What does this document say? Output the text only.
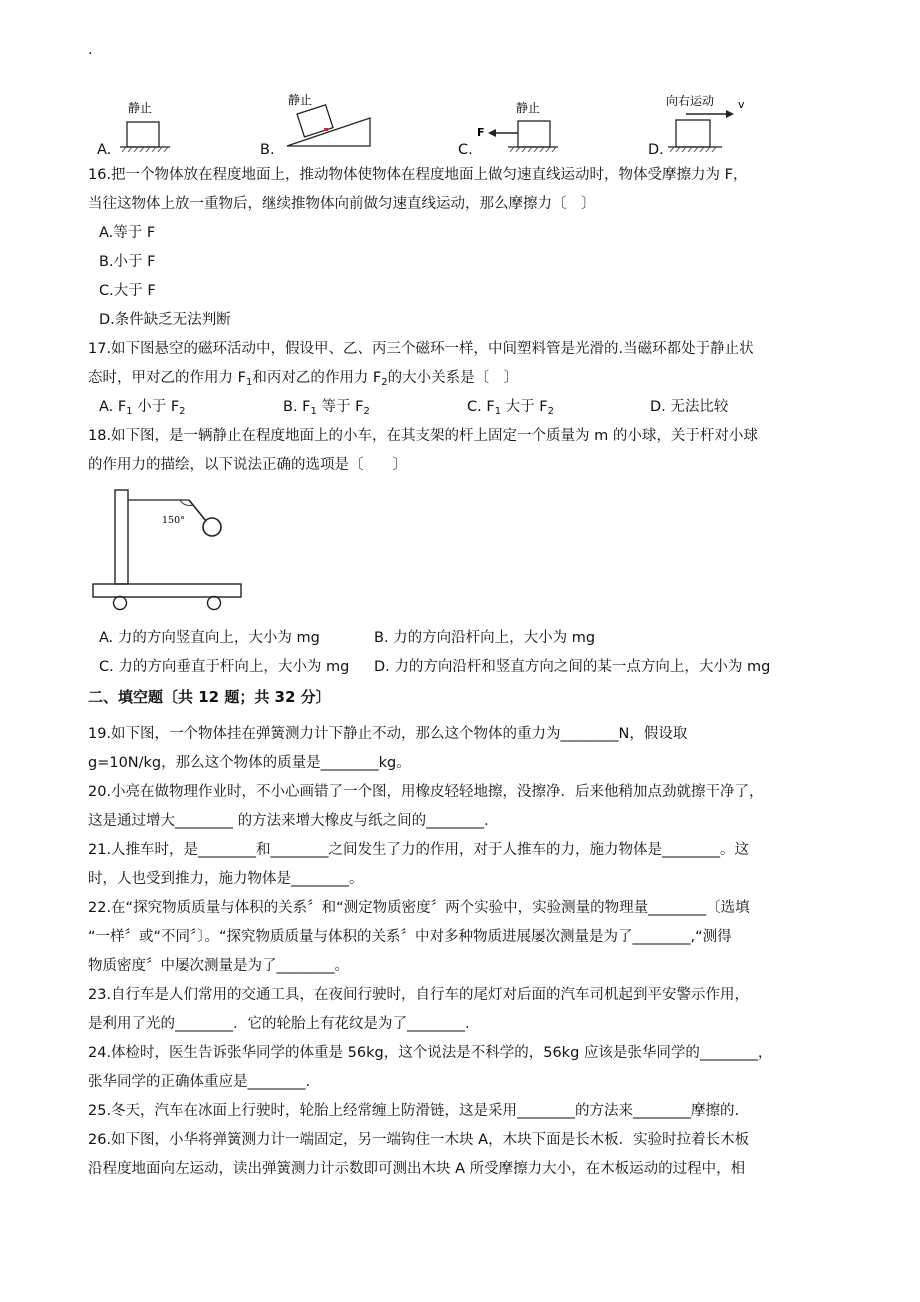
.
A.
静止
B.
静止
C.
静止
F
D.
向右运动 v
16.把一个物体放在程度地面上，推动物体使物体在程度地面上做匀速直线运动时，物体受摩擦力为 F，
当往这物体上放一重物后，继续推物体向前做匀速直线运动，那么摩擦力〔　〕
A.等于 F
B.小于 F
C.大于 F
D.条件缺乏无法判断
17.如下图悬空的磁环活动中，假设甲、乙、丙三个磁环一样，中间塑料管是光滑的.当磁环都处于静止状
态时，甲对乙的作用力 $F_1$和丙对乙的作用力 $F_2$的大小关系是〔　〕
A. $F_1$ 小于 $F_2$	B. $F_1$ 等于 $F_2$	C. $F_1$ 大于 $F_2$	D. 无法比较
18.如下图，是一辆静止在程度地面上的小车，在其支架的杆上固定一个质量为 m 的小球，关于杆对小球
的作用力的描绘，以下说法正确的选项是〔　　〕
150°
A. 力的方向竖直向上，大小为 mg	B. 力的方向沿杆向上，大小为 mg
C. 力的方向垂直于杆向上，大小为 mg D. 力的方向沿杆和竖直方向之间的某一点方向上，大小为 mg
二、填空题〔共 12 题；共 32 分〕
19.如下图，一个物体挂在弹簧测力计下静止不动，那么这个物体的重力为________N，假设取
g=10N/kg，那么这个物体的质量是________kg。
20.小亮在做物理作业时，不小心画错了一个图，用橡皮轻轻地擦，没擦净．后来他稍加点劲就擦干净了，
这是通过增大________ 的方法来增大橡皮与纸之间的________.
21.人推车时，是________和________之间发生了力的作用，对于人推车的力，施力物体是________。这
时，人也受到推力，施力物体是________。
22.在“探究物质质量与体积的关系〞和“测定物质密度〞两个实验中，实验测量的物理量________〔选填
“一样〞或“不同〞〕。“探究物质质量与体积的关系〞中对多种物质进展屡次测量是为了________,“测得
物质密度〞中屡次测量是为了________。
23.自行车是人们常用的交通工具，在夜间行驶时，自行车的尾灯对后面的汽车司机起到平安警示作用，
是利用了光的________．它的轮胎上有花纹是为了________.
24.体检时，医生告诉张华同学的体重是 56kg，这个说法是不科学的，56kg 应该是张华同学的________，
张华同学的正确体重应是________.
25.冬天，汽车在冰面上行驶时，轮胎上经常缠上防滑链，这是采用________的方法来________摩擦的.
26.如下图，小华将弹簧测力计一端固定，另一端钩住一木块 A，木块下面是长木板．实验时拉着长木板
沿程度地面向左运动，读出弹簧测力计示数即可测出木块 A 所受摩擦力大小，在木板运动的过程中，相
